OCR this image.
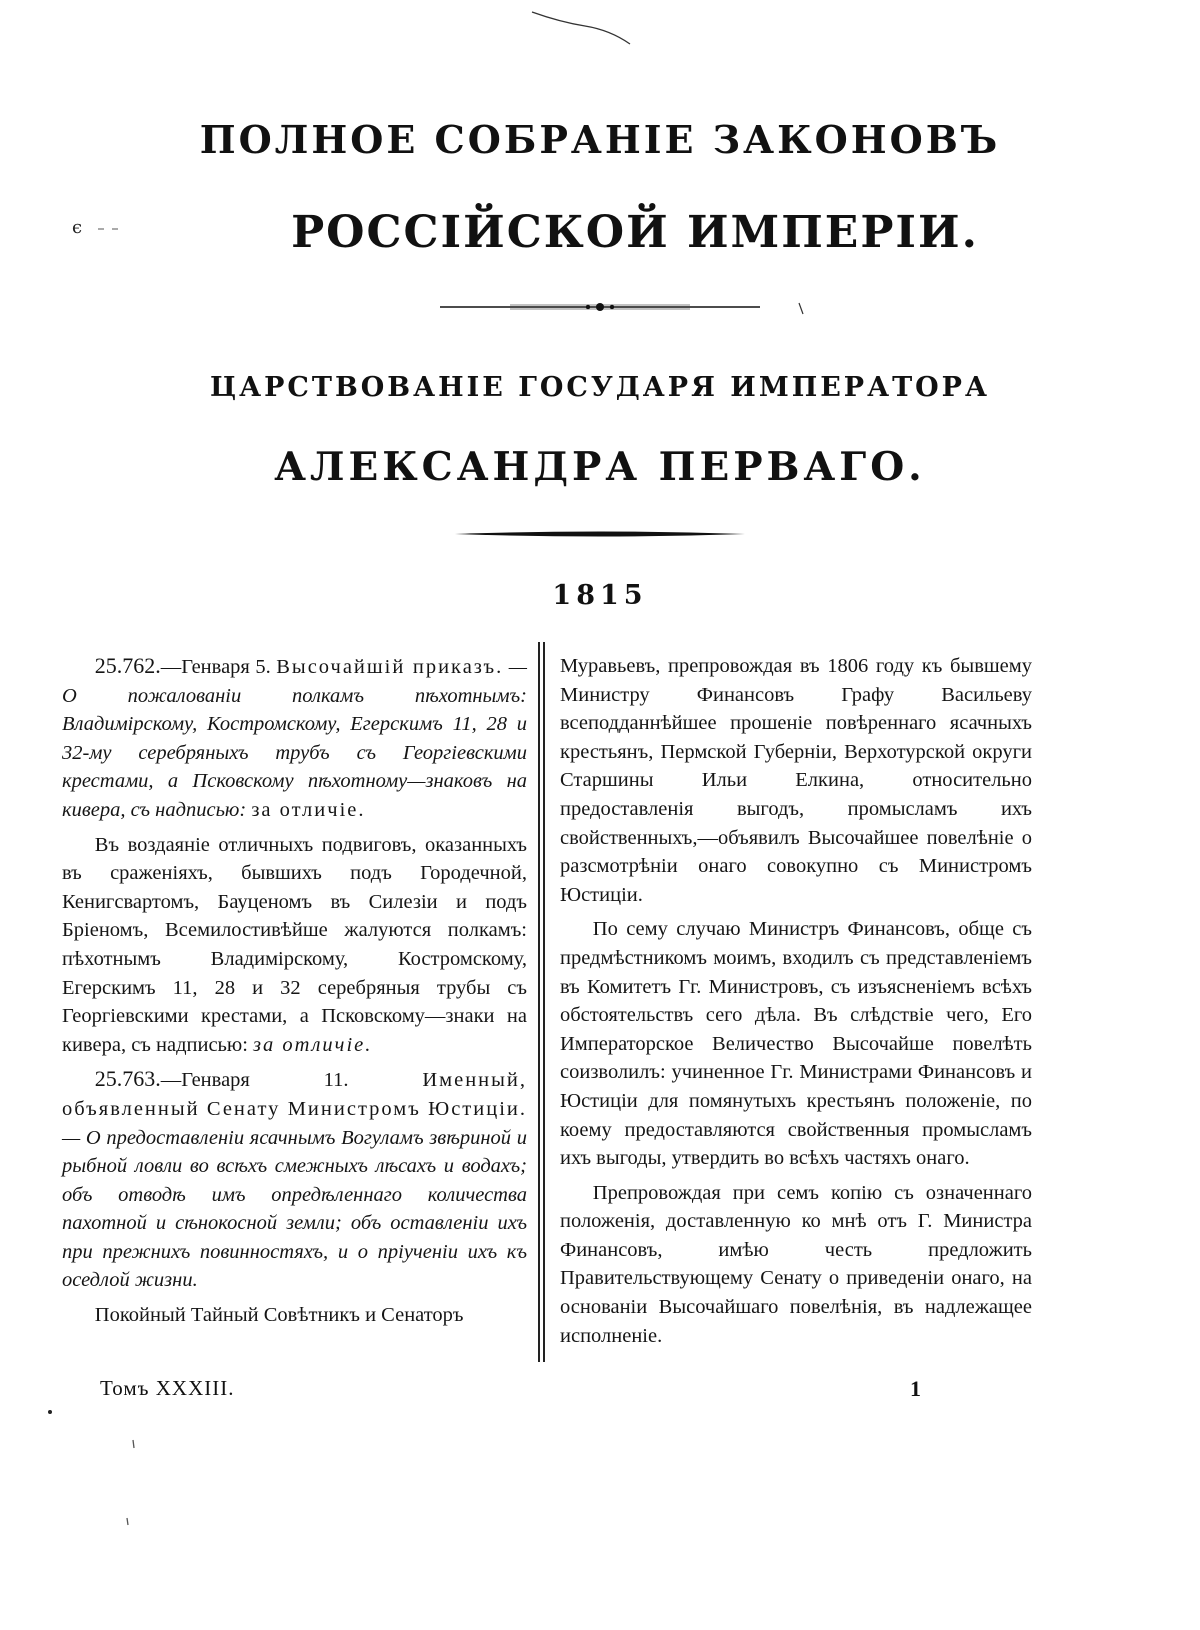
ϵ
ПОЛНОЕ СОБРАНIЕ ЗАКОНОВЪ
РОССIЙСКОЙ ИМПЕРIИ.
ЦАРСТВОВАНIЕ ГОСУДАРЯ ИМПЕРАТОРА
АЛЕКСАНДРА ПЕРВАГО.
1815

25.762.—Генваря 5. Высочайшiй приказъ. — О пожалованiи полкамъ пѣхотнымъ: Владимiрскому, Костромскому, Егерскимъ 11, 28 и 32-му серебряныхъ трубъ съ Георгiевскими крестами, а Псковскому пѣхотному—знаковъ на кивера, съ надписью: за отличiе.

Въ воздаянiе отличныхъ подвиговъ, оказанныхъ въ сраженiяхъ, бывшихъ подъ Городечной, Кенигсвартомъ, Бауценомъ въ Силезiи и подъ Брiеномъ, Всемилостивѣйше жалуются полкамъ: пѣхотнымъ Владимiрскому, Костромскому, Егерскимъ 11, 28 и 32 серебряныя трубы съ Георгiевскими крестами, а Псковскому—знаки на кивера, съ надписью: за отличiе.

25.763.—Генваря 11.	Именный, объявленный Сенату Министромъ Юстицiи. — О предоставленiи ясачнымъ Вогуламъ звѣриной и рыбной ловли во всѣхъ смежныхъ лѣсахъ и водахъ; объ отводѣ имъ опредѣленнаго количества пахотной и сѣнокосной земли; объ оставленiи ихъ при прежнихъ повинностяхъ, и о прiученiи ихъ къ оседлой жизни.

Покойный Тайный Совѣтникъ и Сенаторъ

Муравьевъ, препровождая въ 1806 году къ бывшему Министру Финансовъ Графу Васильеву всеподданнѣйшее прошенiе повѣреннаго ясачныхъ крестьянъ, Пермской Губернiи, Верхотурской округи Старшины Ильи Елкина, относительно предоставленiя выгодъ, промысламъ ихъ свойственныхъ,—объявилъ Высочайшее повелѣнiе о разсмотрѣнiи онаго совокупно съ Министромъ Юстицiи.

По сему случаю Министръ Финансовъ, обще съ предмѣстникомъ моимъ, входилъ съ представленiемъ въ Комитетъ Гг. Министровъ, съ изъясненiемъ всѣхъ обстоятельствъ сего дѣла. Въ слѣдствiе чего, Его Императорское Величество Высочайше повелѣть соизволилъ: учиненное Гг. Министрами Финансовъ и Юстицiи для помянутыхъ крестьянъ положенiе, по коему предоставляются свойственныя промысламъ ихъ выгоды, утвердить во всѣхъ частяхъ онаго.

Препровождая при семъ копiю съ означеннаго положенiя, доставленную ко мнѣ отъ Г. Министра Финансовъ, имѣю честь предложить Правительствующему Сенату о приведенiи онаго, на основанiи Высочайшаго повелѣнiя, въ надлежащее исполненiе.

Томъ XXXIII.	1
